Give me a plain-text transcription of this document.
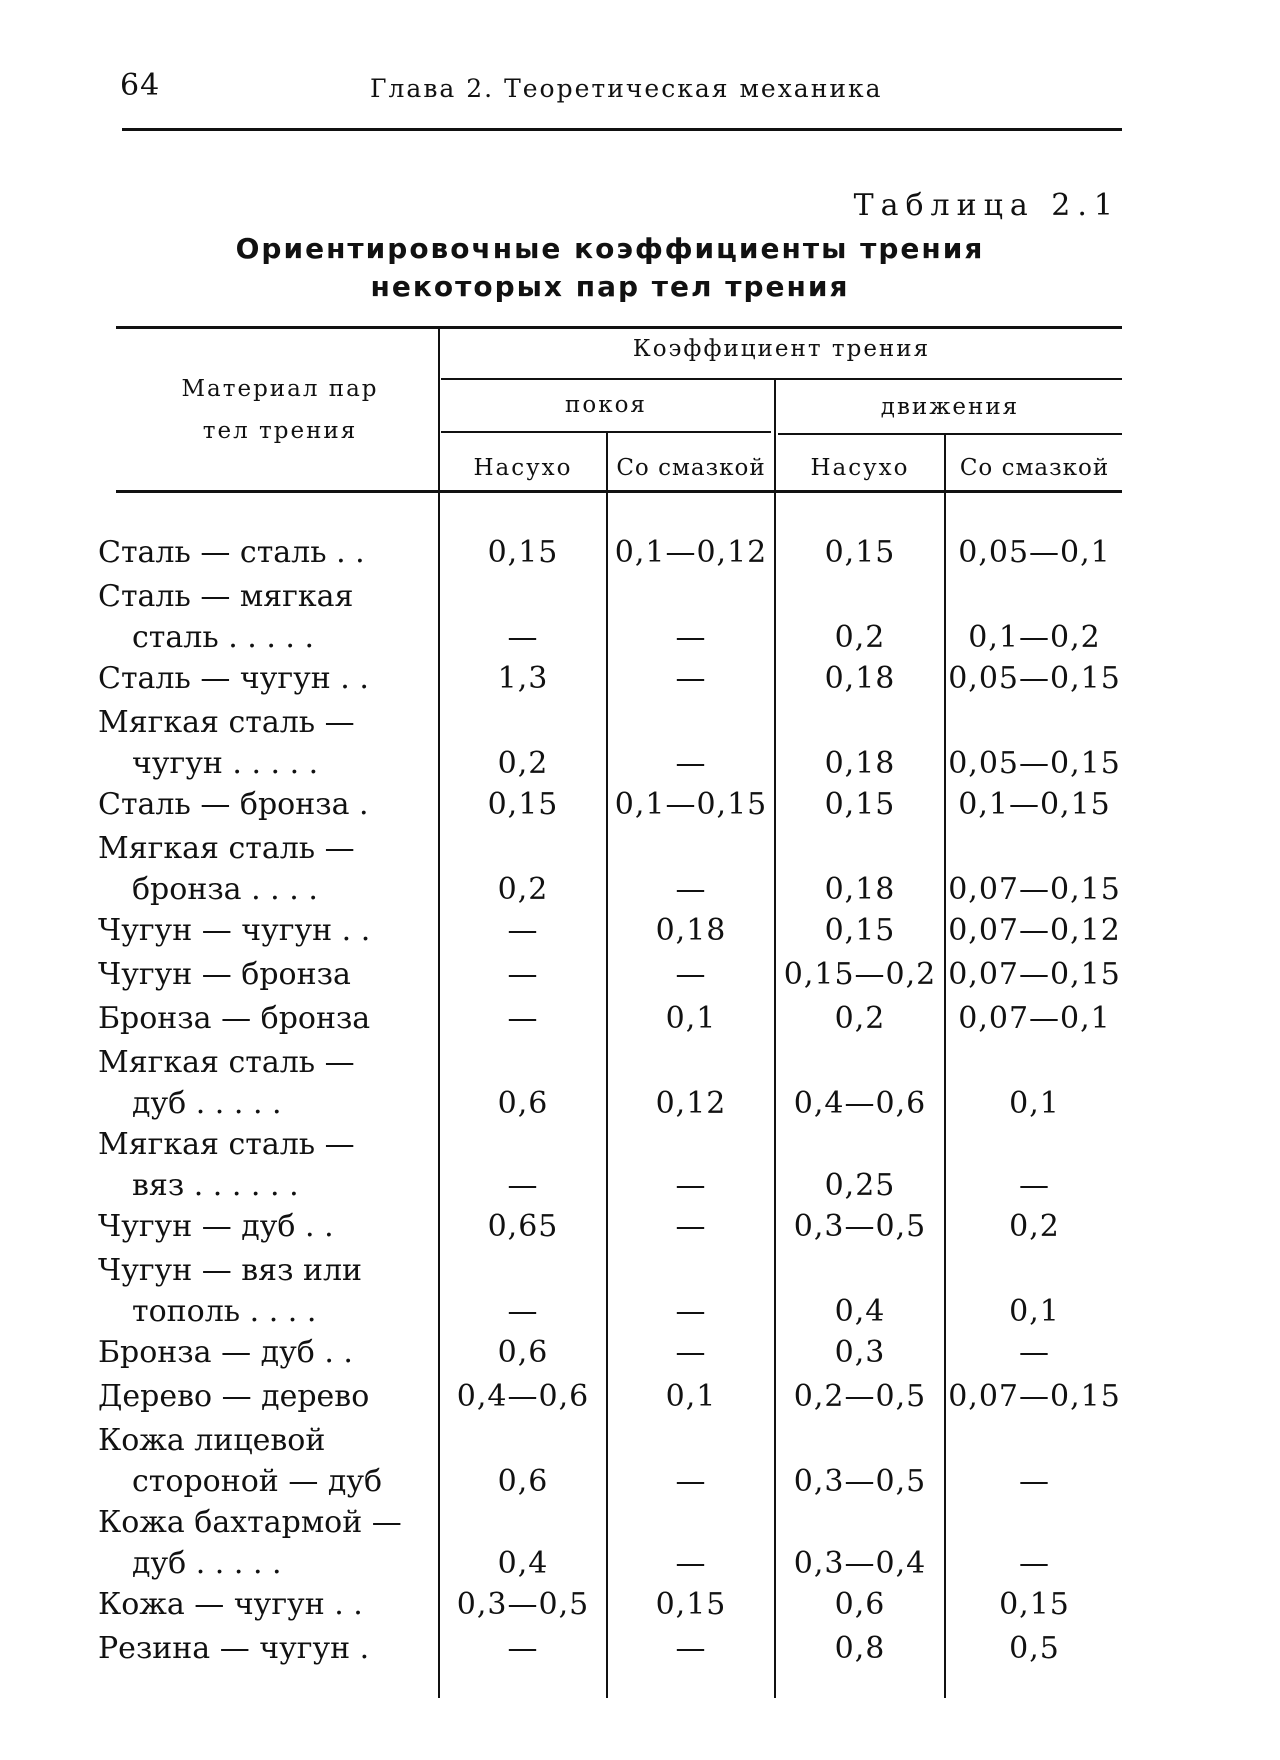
64	Глава 2. Теоретическая механика
Таблица 2.1
Ориентировочные коэффициенты трения
некоторых пар тел трения
Материал пар
тел трения
Коэффициент трения
покоя	движения
Насухо	Со смазкой	Насухо	Со смазкой
Сталь — сталь . .	0,15	0,1—0,12	0,15	0,05—0,1
Сталь — мягкая
сталь . . . . .	—	—	0,2	0,1—0,2
Сталь — чугун . .	1,3	—	0,18	0,05—0,15
Мягкая сталь —
чугун . . . . .	0,2	—	0,18	0,05—0,15
Сталь — бронза .	0,15	0,1—0,15	0,15	0,1—0,15
Мягкая сталь —
бронза . . . .	0,2	—	0,18	0,07—0,15
Чугун — чугун . .	—	0,18	0,15	0,07—0,12
Чугун — бронза	—	—	0,15—0,2 0,07—0,15
Бронза — бронза	—	0,1	0,2	0,07—0,1
Мягкая сталь —
дуб . . . . .	0,6	0,12	0,4—0,6	0,1
Мягкая сталь —
вяз . . . . . .	—	—	0,25	—
Чугун — дуб . .	0,65	—	0,3—0,5	0,2
Чугун — вяз или
тополь . . . .	—	—	0,4	0,1
Бронза — дуб . .	0,6	—	0,3	—
Дерево — дерево	0,4—0,6	0,1	0,2—0,5 0,07—0,15
Кожа лицевой
стороной — дуб	0,6	—	0,3—0,5	—
Кожа бахтармой —
дуб . . . . .	0,4	—	0,3—0,4	—
Кожа — чугун . .	0,3—0,5	0,15	0,6	0,15
Резина — чугун .	—	—	0,8	0,5
